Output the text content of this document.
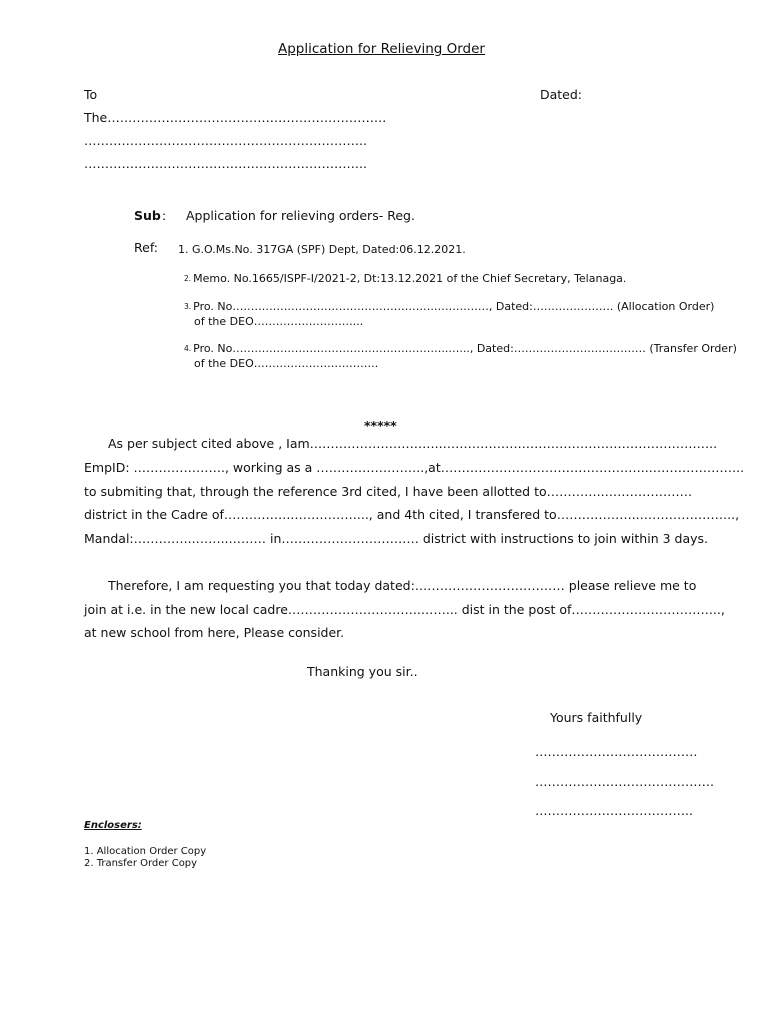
Application for Relieving Order
To	Dated:
The………………………………………………………….
…………………………………………………………..
…………………………………………………………..
Sub : Application for relieving orders- Reg.
Ref: 1. G.O.Ms.No. 317GA (SPF) Dept, Dated:06.12.2021.
2. Memo. No.1665/ISPF-I/2021-2, Dt:13.12.2021 of the Chief Secretary, Telanaga.
3. Pro. No……………………………………………….……………, Dated:…………………. (Allocation Order)
of the DEO………………………...
4. Pro. No…………………………………………………..…..., Dated:……………………………… (Transfer Order)
of the DEO…………………………….
*****
As per subject cited above , Iam…………………………..……………….………………………………………..
EmpID: …………………., working as a ……………………..,at…………………………………………..…………………..
to submiting that, through the reference 3rd cited, I have been allotted to…………..…………………
district in the Cadre of……………..……………..., and 4th cited, I transfered to………………..…………………..,
Mandal:…………...……..……… in…………………………… district with instructions to join within 3 days.
Therefore, I am requesting you that today dated:……………………………… please relieve me to
join at i.e. in the new local cadre…………………………..……... dist in the post of……………………………...,
at new school from here, Please consider.
Thanking you sir..
Yours faithfully
…………………………………
…………………………………….
………………………………..
Enclosers:
1. Allocation Order Copy
2. Transfer Order Copy
